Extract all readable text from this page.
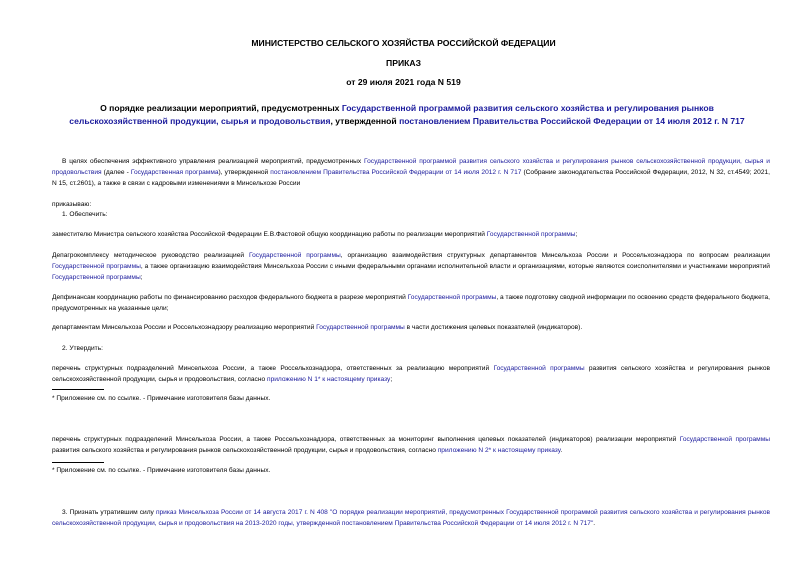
МИНИСТЕРСТВО СЕЛЬСКОГО ХОЗЯЙСТВА РОССИЙСКОЙ ФЕДЕРАЦИИ
ПРИКАЗ
от 29 июля 2021 года N 519
О порядке реализации мероприятий, предусмотренных Государственной программой развития сельского хозяйства и регулирования рынков сельскохозяйственной продукции, сырья и продовольствия, утвержденной постановлением Правительства Российской Федерации от 14 июля 2012 г. N 717
В целях обеспечения эффективного управления реализацией мероприятий, предусмотренных Государственной программой развития сельского хозяйства и регулирования рынков сельскохозяйственной продукции, сырья и продовольствия (далее - Государственная программа), утвержденной постановлением Правительства Российской Федерации от 14 июля 2012 г. N 717 (Собрание законодательства Российской Федерации, 2012, N 32, ст.4549; 2021, N 15, ст.2601), а также в связи с кадровыми изменениями в Минсельхозе России
приказываю:
1. Обеспечить:
заместителю Министра сельского хозяйства Российской Федерации Е.В.Фастовой общую координацию работы по реализации мероприятий Государственной программы;
Депагрокомплексу методическое руководство реализацией Государственной программы, организацию взаимодействия структурных департаментов Минсельхоза России и Россельхознадзора по вопросам реализации Государственной программы, а также организацию взаимодействия Минсельхоза России с иными федеральными органами исполнительной власти и организациями, которые являются соисполнителями и участниками мероприятий Государственной программы;
Депфинансам координацию работы по финансированию расходов федерального бюджета в разрезе мероприятий Государственной программы, а также подготовку сводной информации по освоению средств федерального бюджета, предусмотренных на указанные цели;
департаментам Минсельхоза России и Россельхознадзору реализацию мероприятий Государственной программы в части достижения целевых показателей (индикаторов).
2. Утвердить:
перечень структурных подразделений Минсельхоза России, а также Россельхознадзора, ответственных за реализацию мероприятий Государственной программы развития сельского хозяйства и регулирования рынков сельскохозяйственной продукции, сырья и продовольствия, согласно приложению N 1* к настоящему приказу;
* Приложение см. по ссылке. - Примечание изготовителя базы данных.
перечень структурных подразделений Минсельхоза России, а также Россельхознадзора, ответственных за мониторинг выполнения целевых показателей (индикаторов) реализации мероприятий Государственной программы развития сельского хозяйства и регулирования рынков сельскохозяйственной продукции, сырья и продовольствия, согласно приложению N 2* к настоящему приказу.
* Приложение см. по ссылке. - Примечание изготовителя базы данных.
3. Признать утратившим силу приказ Минсельхоза России от 14 августа 2017 г. N 408 "О порядке реализации мероприятий, предусмотренных Государственной программой развития сельского хозяйства и регулирования рынков сельскохозяйственной продукции, сырья и продовольствия на 2013-2020 годы, утвержденной постановлением Правительства Российской Федерации от 14 июля 2012 г. N 717".
